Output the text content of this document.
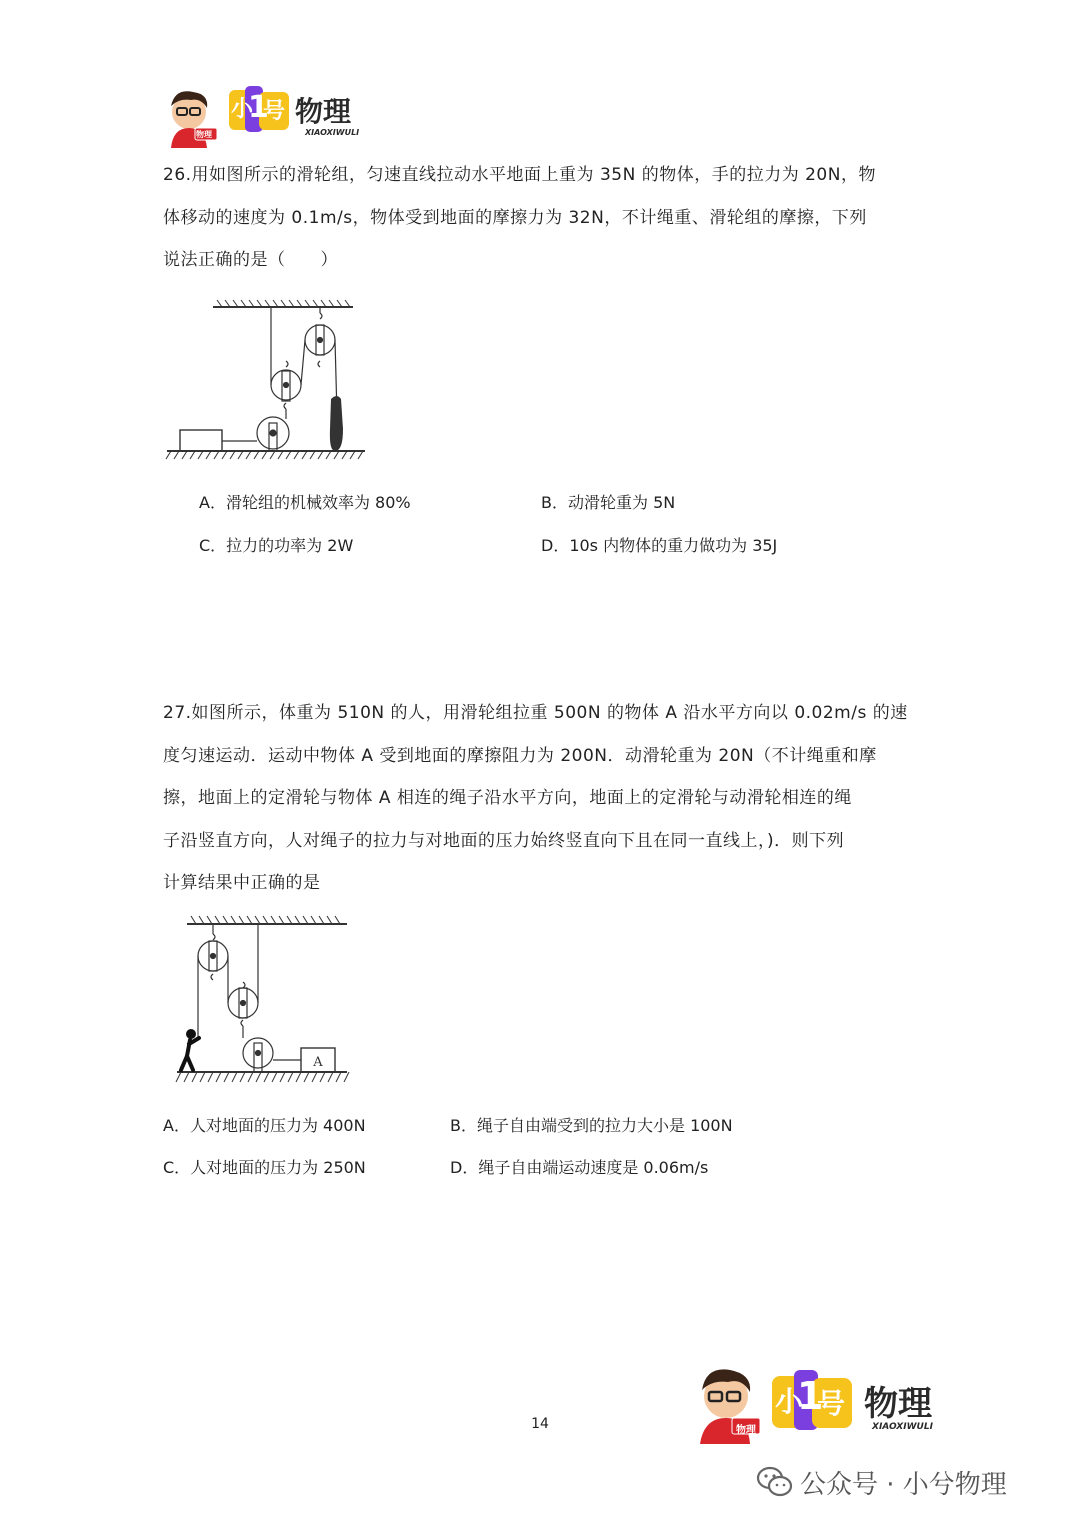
小
1
号 物理
XIAOXIWULI
物理
26.用如图所示的滑轮组，匀速直线拉动水平地面上重为 35N 的物体，手的拉力为 20N，物
体移动的速度为 0.1m/s，物体受到地面的摩擦力为 32N，不计绳重、滑轮组的摩擦，下列
说法正确的是（　　）
A．滑轮组的机械效率为 80%	B．动滑轮重为 5N
C．拉力的功率为 2W	D．10s 内物体的重力做功为 35J
27.如图所示，体重为 510N 的人，用滑轮组拉重 500N 的物体 A 沿水平方向以 0.02m/s 的速
度匀速运动．运动中物体 A 受到地面的摩擦阻力为 200N．动滑轮重为 20N（不计绳重和摩
擦，地面上的定滑轮与物体 A 相连的绳子沿水平方向，地面上的定滑轮与动滑轮相连的绳
子沿竖直方向，人对绳子的拉力与对地面的压力始终竖直向下且在同一直线上，)．则下列
计算结果中正确的是
A
A．人对地面的压力为 400N	B．绳子自由端受到的拉力大小是 100N
C．人对地面的压力为 250N	D．绳子自由端运动速度是 0.06m/s
小
1
号 物理
XIAOXIWULI
物理
14
公众号 · 小兮物理
